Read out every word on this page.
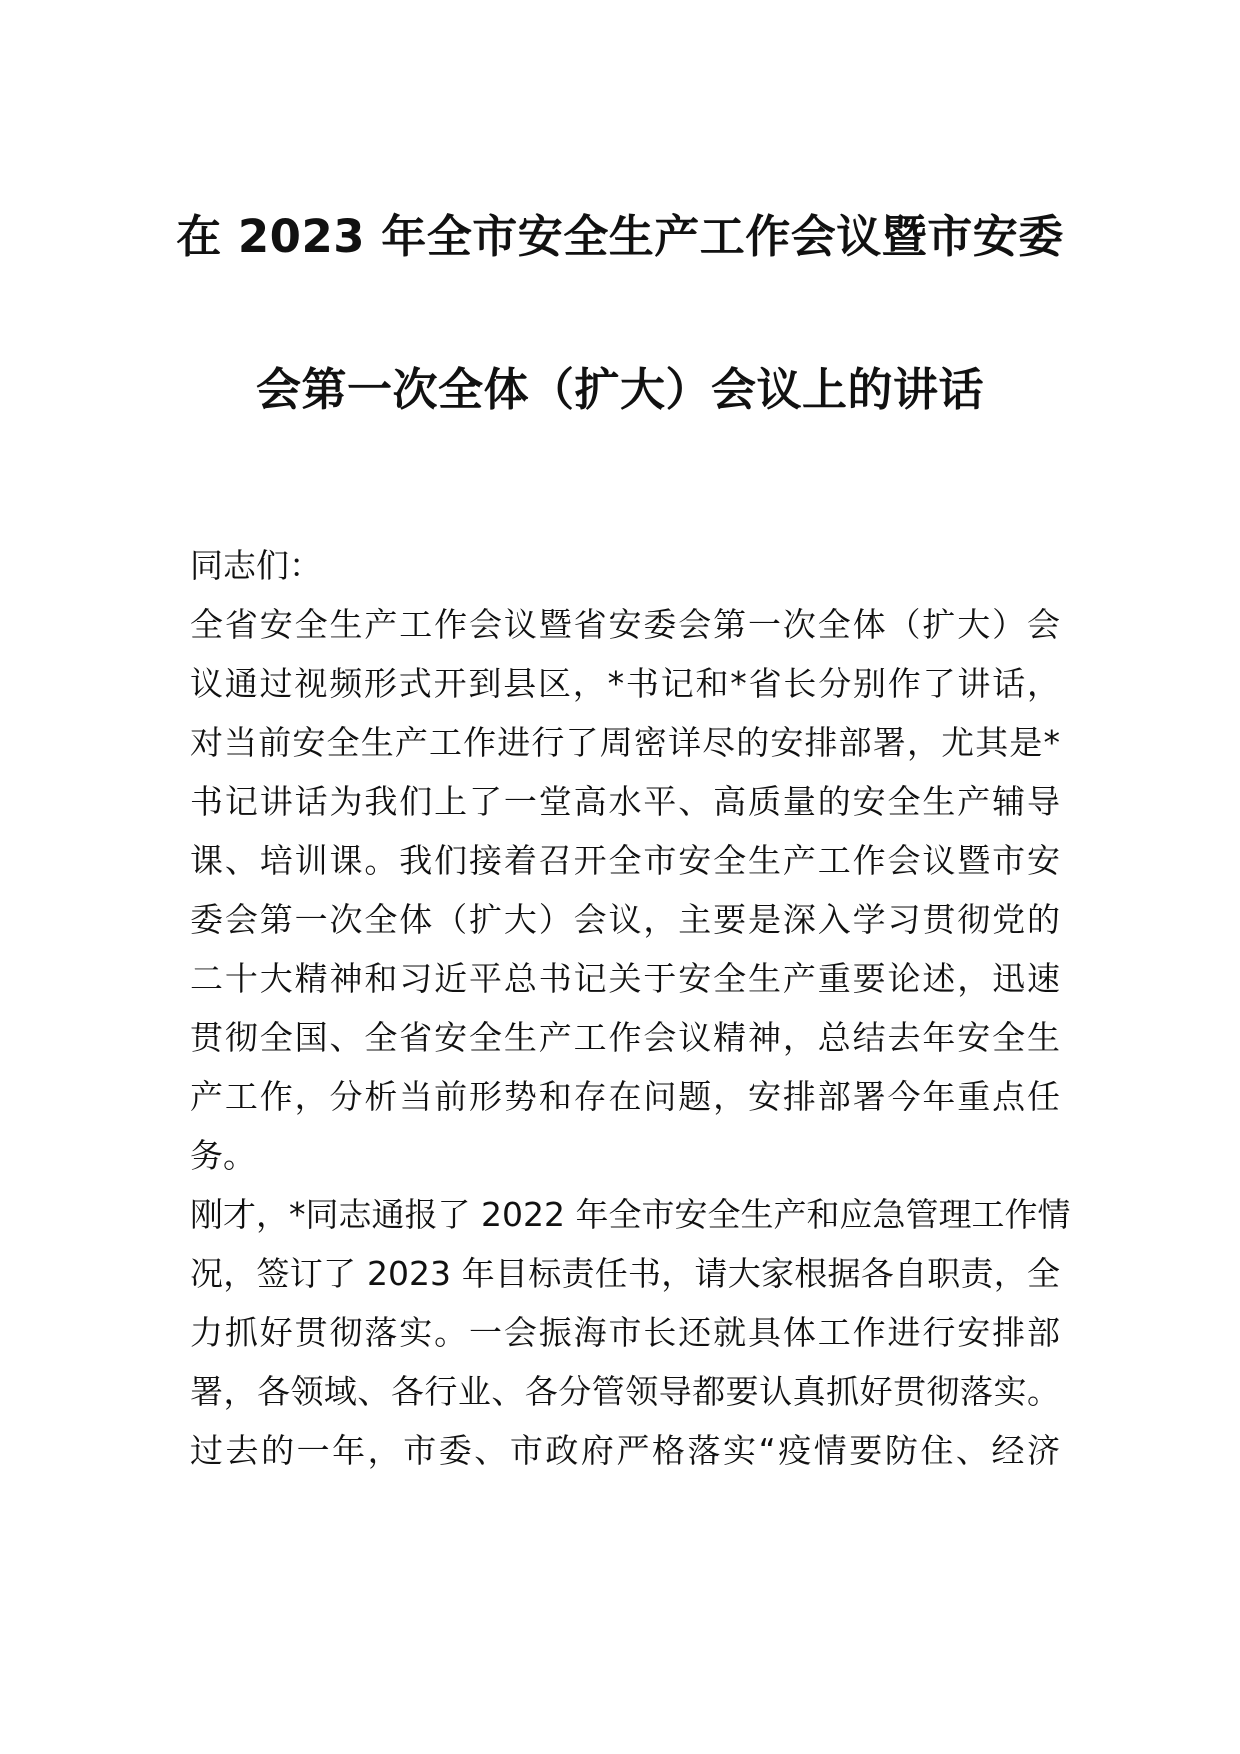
在 2023 年全市安全生产工作会议暨市安委
会第一次全体（扩大）会议上的讲话
同志们：
全省安全生产工作会议暨省安委会第一次全体（扩大）会
议通过视频形式开到县区，*书记和*省长分别作了讲话，
对当前安全生产工作进行了周密详尽的安排部署，尤其是*
书记讲话为我们上了一堂高水平、高质量的安全生产辅导
课、培训课。我们接着召开全市安全生产工作会议暨市安
委会第一次全体（扩大）会议，主要是深入学习贯彻党的
二十大精神和习近平总书记关于安全生产重要论述，迅速
贯彻全国、全省安全生产工作会议精神，总结去年安全生
产工作，分析当前形势和存在问题，安排部署今年重点任
务。
刚才，*同志通报了 2022 年全市安全生产和应急管理工作情
况，签订了 2023 年目标责任书，请大家根据各自职责，全
力抓好贯彻落实。一会振海市长还就具体工作进行安排部
署，各领域、各行业、各分管领导都要认真抓好贯彻落实。
过去的一年，市委、市政府严格落实“疫情要防住、经济
